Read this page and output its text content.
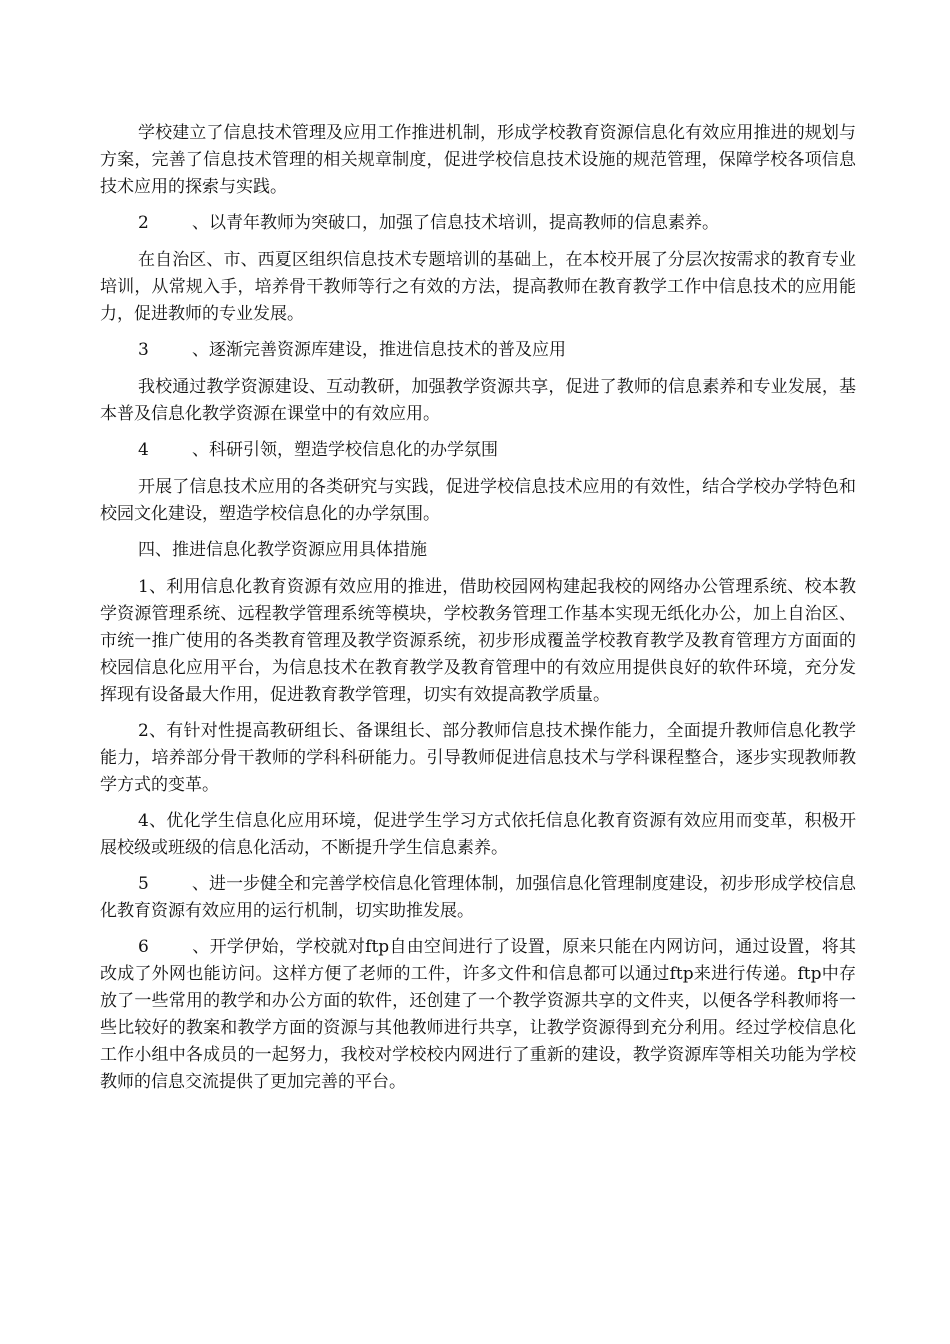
学校建立了信息技术管理及应用工作推进机制，形成学校教育资源信息化有效应用推进的规划与方案，完善了信息技术管理的相关规章制度，促进学校信息技术设施的规范管理，保障学校各项信息技术应用的探索与实践。

2	、以青年教师为突破口，加强了信息技术培训，提高教师的信息素养。

在自治区、市、西夏区组织信息技术专题培训的基础上，在本校开展了分层次按需求的教育专业培训，从常规入手，培养骨干教师等行之有效的方法，提高教师在教育教学工作中信息技术的应用能力，促进教师的专业发展。

3	、逐渐完善资源库建设，推进信息技术的普及应用

我校通过教学资源建设、互动教研，加强教学资源共享，促进了教师的信息素养和专业发展，基本普及信息化教学资源在课堂中的有效应用。

4	、科研引领，塑造学校信息化的办学氛围

开展了信息技术应用的各类研究与实践，促进学校信息技术应用的有效性，结合学校办学特色和校园文化建设，塑造学校信息化的办学氛围。

四、推进信息化教学资源应用具体措施

1、利用信息化教育资源有效应用的推进，借助校园网构建起我校的网络办公管理系统、校本教学资源管理系统、远程教学管理系统等模块，学校教务管理工作基本实现无纸化办公，加上自治区、市统一推广使用的各类教育管理及教学资源系统，初步形成覆盖学校教育教学及教育管理方方面面的校园信息化应用平台，为信息技术在教育教学及教育管理中的有效应用提供良好的软件环境，充分发挥现有设备最大作用，促进教育教学管理，切实有效提高教学质量。

2、有针对性提高教研组长、备课组长、部分教师信息技术操作能力，全面提升教师信息化教学能力，培养部分骨干教师的学科科研能力。引导教师促进信息技术与学科课程整合，逐步实现教师教学方式的变革。

4、优化学生信息化应用环境，促进学生学习方式依托信息化教育资源有效应用而变革，积极开展校级或班级的信息化活动，不断提升学生信息素养。

5	、进一步健全和完善学校信息化管理体制，加强信息化管理制度建设，初步形成学校信息化教育资源有效应用的运行机制，切实助推发展。

6	、开学伊始，学校就对ftp自由空间进行了设置，原来只能在内网访问，通过设置，将其改成了外网也能访问。这样方便了老师的工件，许多文件和信息都可以通过ftp来进行传递。ftp中存放了一些常用的教学和办公方面的软件，还创建了一个教学资源共享的文件夹，以便各学科教师将一些比较好的教案和教学方面的资源与其他教师进行共享，让教学资源得到充分利用。经过学校信息化工作小组中各成员的一起努力，我校对学校校内网进行了重新的建设，教学资源库等相关功能为学校教师的信息交流提供了更加完善的平台。
